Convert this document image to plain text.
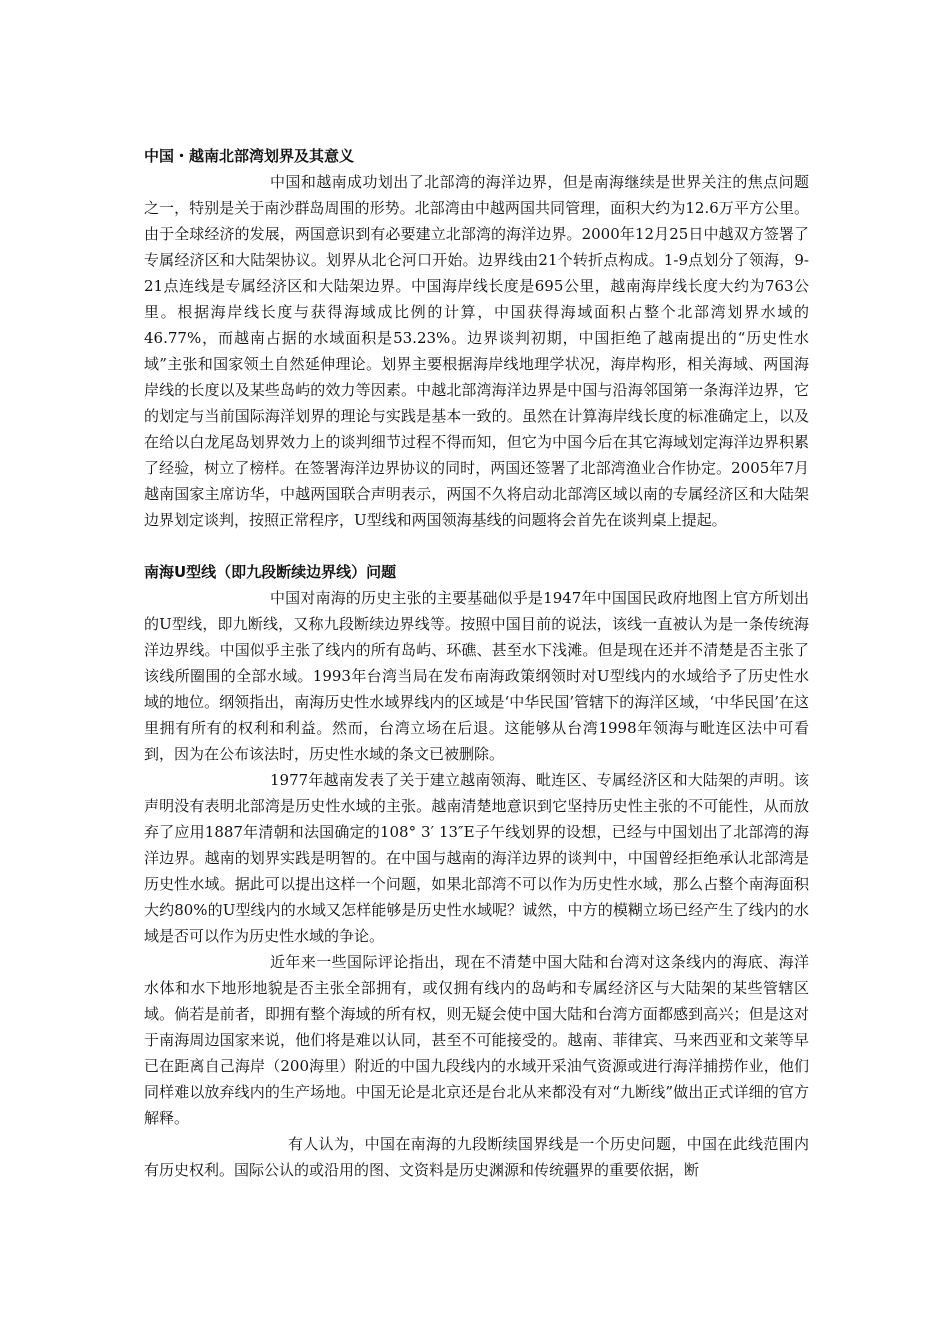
中国・越南北部湾划界及其意义

中国和越南成功划出了北部湾的海洋边界，但是南海继续是世界关注的焦点问题之一，特别是关于南沙群岛周围的形势。北部湾由中越两国共同管理，面积大约为12.6万平方公里。由于全球经济的发展，两国意识到有必要建立北部湾的海洋边界。2000年12月25日中越双方签署了专属经济区和大陆架协议。划界从北仑河口开始。边界线由21个转折点构成。1-9点划分了领海，9-21点连线是专属经济区和大陆架边界。中国海岸线长度是695公里，越南海岸线长度大约为763公里。根据海岸线长度与获得海域成比例的计算，中国获得海域面积占整个北部湾划界水域的46.77%，而越南占据的水域面积是53.23%。边界谈判初期，中国拒绝了越南提出的“历史性水域”主张和国家领土自然延伸理论。划界主要根据海岸线地理学状况，海岸构形，相关海域、两国海岸线的长度以及某些岛屿的效力等因素。中越北部湾海洋边界是中国与沿海邻国第一条海洋边界，它的划定与当前国际海洋划界的理论与实践是基本一致的。虽然在计算海岸线长度的标准确定上，以及在给以白龙尾岛划界效力上的谈判细节过程不得而知，但它为中国今后在其它海域划定海洋边界积累了经验，树立了榜样。在签署海洋边界协议的同时，两国还签署了北部湾渔业合作协定。2005年7月越南国家主席访华，中越两国联合声明表示，两国不久将启动北部湾区域以南的专属经济区和大陆架边界划定谈判，按照正常程序，U型线和两国领海基线的问题将会首先在谈判桌上提起。

南海U型线（即九段断续边界线）问题

中国对南海的历史主张的主要基础似乎是1947年中国国民政府地图上官方所划出的U型线，即九断线，又称九段断续边界线等。按照中国目前的说法，该线一直被认为是一条传统海洋边界线。中国似乎主张了线内的所有岛屿、环礁、甚至水下浅滩。但是现在还并不清楚是否主张了该线所圈围的全部水域。1993年台湾当局在发布南海政策纲领时对U型线内的水域给予了历史性水域的地位。纲领指出，南海历史性水域界线内的区域是‘中华民国’管辖下的海洋区域，‘中华民国’在这里拥有所有的权利和利益。然而，台湾立场在后退。这能够从台湾1998年领海与毗连区法中可看到，因为在公布该法时，历史性水域的条文已被删除。

1977年越南发表了关于建立越南领海、毗连区、专属经济区和大陆架的声明。该声明没有表明北部湾是历史性水域的主张。越南清楚地意识到它坚持历史性主张的不可能性，从而放弃了应用1887年清朝和法国确定的108° 3′ 13″E子午线划界的设想，已经与中国划出了北部湾的海洋边界。越南的划界实践是明智的。在中国与越南的海洋边界的谈判中，中国曾经拒绝承认北部湾是历史性水域。据此可以提出这样一个问题，如果北部湾不可以作为历史性水域，那么占整个南海面积大约80%的U型线内的水域又怎样能够是历史性水域呢？诚然，中方的模糊立场已经产生了线内的水域是否可以作为历史性水域的争论。

近年来一些国际评论指出，现在不清楚中国大陆和台湾对这条线内的海底、海洋水体和水下地形地貌是否主张全部拥有，或仅拥有线内的岛屿和专属经济区与大陆架的某些管辖区域。倘若是前者，即拥有整个海域的所有权，则无疑会使中国大陆和台湾方面都感到高兴；但是这对于南海周边国家来说，他们将是难以认同，甚至不可能接受的。越南、菲律宾、马来西亚和文莱等早已在距离自己海岸（200海里）附近的中国九段线内的水域开采油气资源或进行海洋捕捞作业，他们同样难以放弃线内的生产场地。中国无论是北京还是台北从来都没有对“九断线”做出正式详细的官方解释。

有人认为，中国在南海的九段断续国界线是一个历史问题，中国在此线范围内有历史权利。国际公认的或沿用的图、文资料是历史渊源和传统疆界的重要依据，断
